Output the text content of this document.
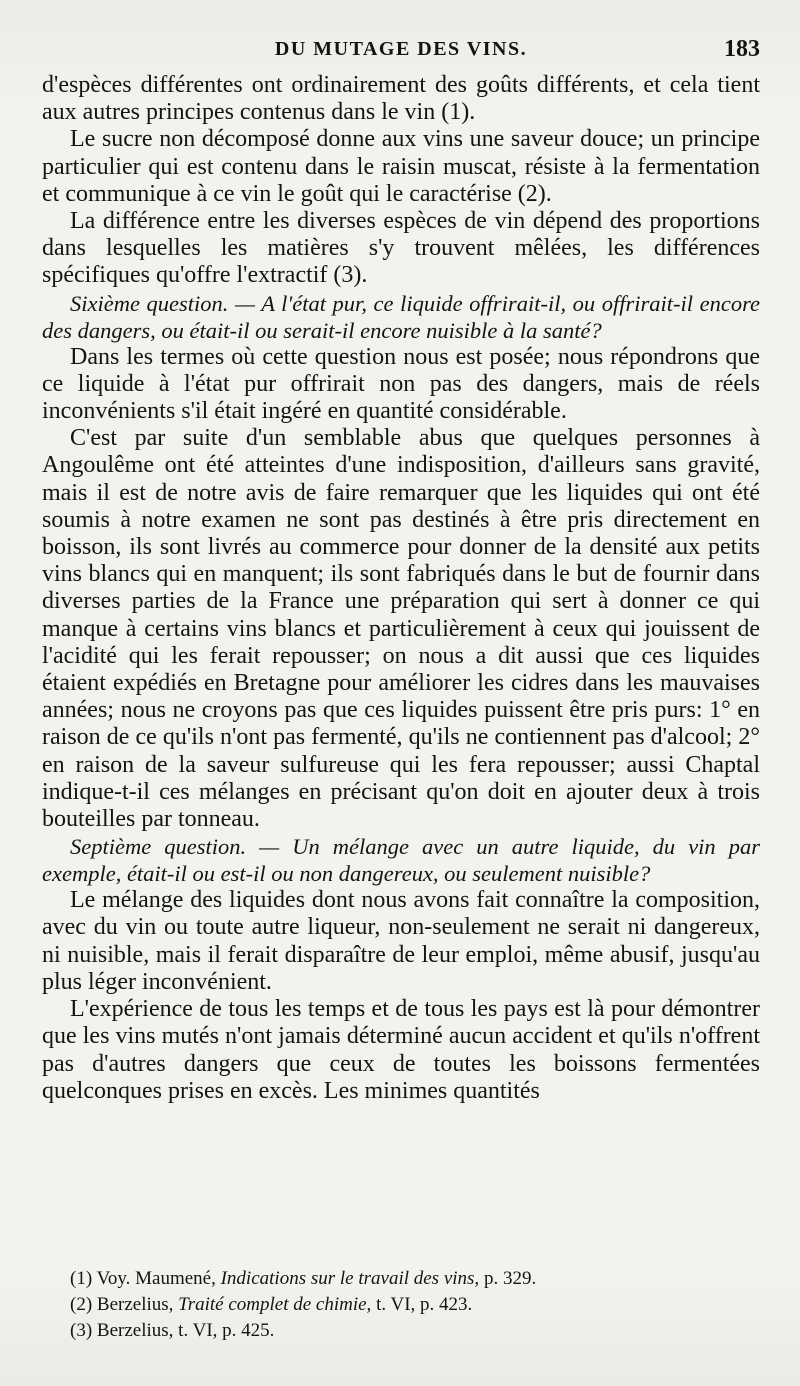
DU MUTAGE DES VINS.	183

d'espèces différentes ont ordinairement des goûts différents, et cela tient aux autres principes contenus dans le vin (1).

Le sucre non décomposé donne aux vins une saveur douce; un principe particulier qui est contenu dans le raisin muscat, résiste à la fermentation et communique à ce vin le goût qui le caractérise (2).

La différence entre les diverses espèces de vin dépend des proportions dans lesquelles les matières s'y trouvent mêlées, les différences spécifiques qu'offre l'extractif (3).

Sixième question. — A l'état pur, ce liquide offrirait-il, ou offrirait-il encore des dangers, ou était-il ou serait-il encore nuisible à la santé?

Dans les termes où cette question nous est posée; nous répondrons que ce liquide à l'état pur offrirait non pas des dangers, mais de réels inconvénients s'il était ingéré en quantité considérable.

C'est par suite d'un semblable abus que quelques personnes à Angoulême ont été atteintes d'une indisposition, d'ailleurs sans gravité, mais il est de notre avis de faire remarquer que les liquides qui ont été soumis à notre examen ne sont pas destinés à être pris directement en boisson, ils sont livrés au commerce pour donner de la densité aux petits vins blancs qui en manquent; ils sont fabriqués dans le but de fournir dans diverses parties de la France une préparation qui sert à donner ce qui manque à certains vins blancs et particulièrement à ceux qui jouissent de l'acidité qui les ferait repousser; on nous a dit aussi que ces liquides étaient expédiés en Bretagne pour améliorer les cidres dans les mauvaises années; nous ne croyons pas que ces liquides puissent être pris purs: 1° en raison de ce qu'ils n'ont pas fermenté, qu'ils ne contiennent pas d'alcool; 2° en raison de la saveur sulfureuse qui les fera repousser; aussi Chaptal indique-t-il ces mélanges en précisant qu'on doit en ajouter deux à trois bouteilles par tonneau.

Septième question. — Un mélange avec un autre liquide, du vin par exemple, était-il ou est-il ou non dangereux, ou seulement nuisible?

Le mélange des liquides dont nous avons fait connaître la composition, avec du vin ou toute autre liqueur, non-seulement ne serait ni dangereux, ni nuisible, mais il ferait disparaître de leur emploi, même abusif, jusqu'au plus léger inconvénient.

L'expérience de tous les temps et de tous les pays est là pour démontrer que les vins mutés n'ont jamais déterminé aucun accident et qu'ils n'offrent pas d'autres dangers que ceux de toutes les boissons fermentées quelconques prises en excès. Les minimes quantités

(1) Voy. Maumené, Indications sur le travail des vins, p. 329.

(2) Berzelius, Traité complet de chimie, t. VI, p. 423.

(3) Berzelius, t. VI, p. 425.
